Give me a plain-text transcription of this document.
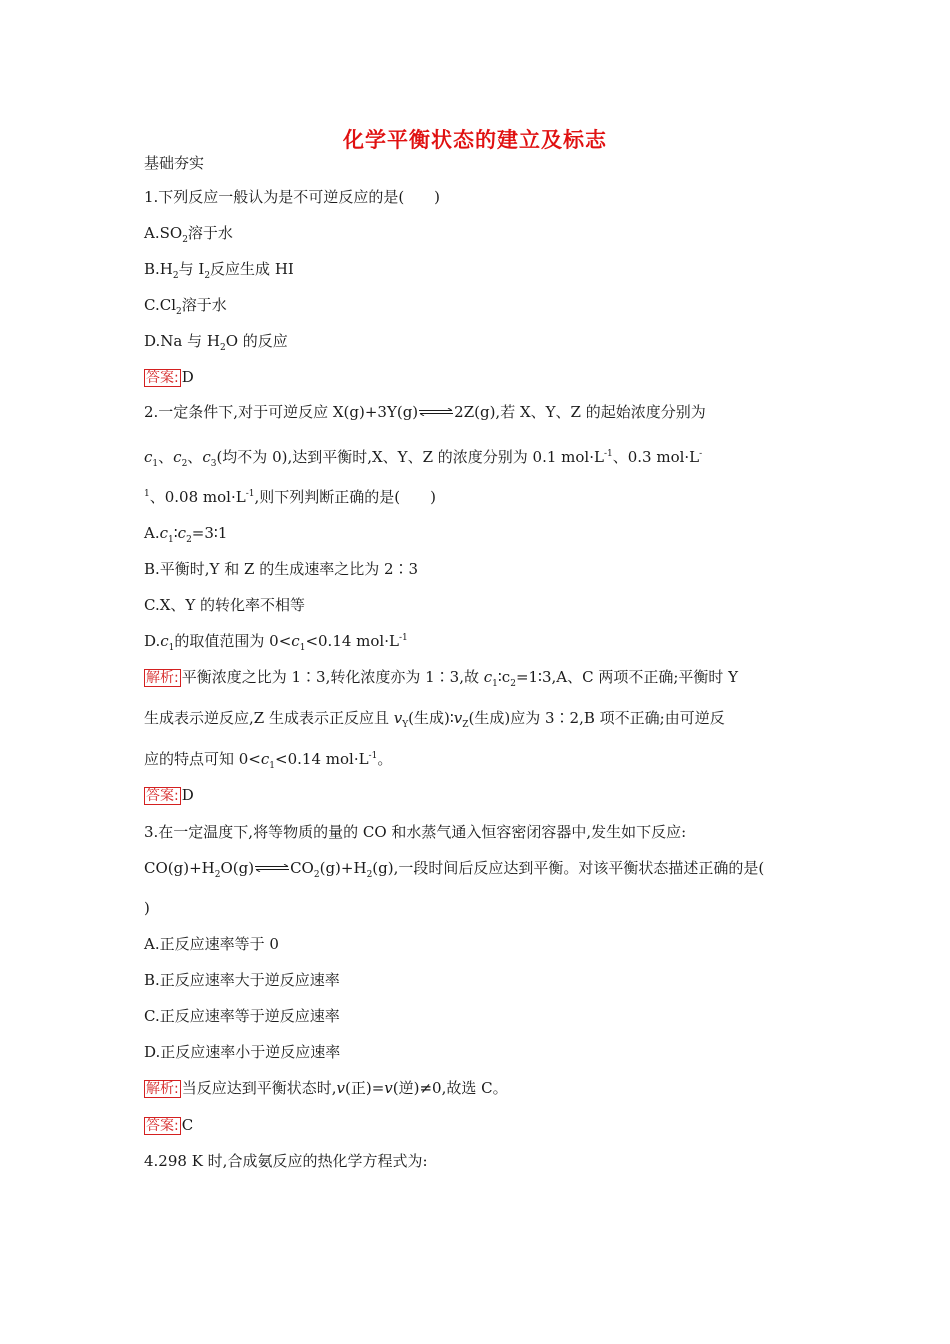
化学平衡状态的建立及标志
基础夯实
1.下列反应一般认为是不可逆反应的是(　　)
$A.SO_2$溶于水
$B.H_2$与 $I_2$反应生成 HI
$C.Cl_2$溶于水
D.Na 与 $H_2O$ 的反应
答案: D
2.一定条件下,对于可逆反应 X(g)+3Y(g)⇌2Z(g),若 X、Y、Z 的起始浓度分别为
$c_1$、$c_2$、$c_3$(均不为 0),达到平衡时,X、Y、Z 的浓度分别为 0.1 $mol\cdot L^{-1}$、0.3 mol·L-
$^1$、0.08 $mol\cdot L^{-1}$,则下列判断正确的是(　　)
$A.c_1∶c_2=3∶1$
B.平衡时,Y 和 Z 的生成速率之比为 2∶3
C.X、Y 的转化率不相等
$D.c_1$的取值范围为 $0<c_1<0.14$ $mol\cdot L^{-1}$
解析: 平衡浓度之比为 1∶3,转化浓度亦为 1∶3,故 $c_1∶c_2=1∶3,A$、C 两项不正确;平衡时 Y
生成表示逆反应,Z 生成表示正反应且 $v_Y$(生成)$∶v_Z$(生成)应为 3∶2,B 项不正确;由可逆反
应的特点可知 $0<c_1<0.14$ $mol\cdot L^{-1}$。
答案: D
3.在一定温度下,将等物质的量的 CO 和水蒸气通入恒容密闭容器中,发生如下反应:
$CO(g)+H_2O(g)\rightleftharpoons CO_2(g)+H_2(g)$,一段时间后反应达到平衡。对该平衡状态描述正确的是(
)
A.正反应速率等于 0
B.正反应速率大于逆反应速率
C.正反应速率等于逆反应速率
D.正反应速率小于逆反应速率
解析: 当反应达到平衡状态时,v(正)=v(逆)≠0,故选 C。
答案: C
4.298 K 时,合成氨反应的热化学方程式为:
